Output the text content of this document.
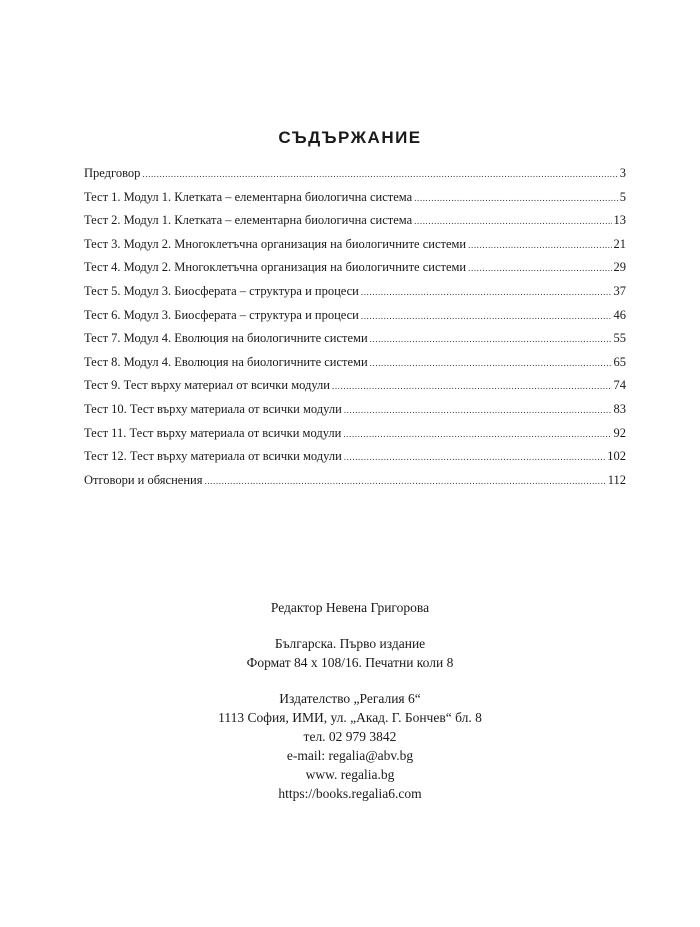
СЪДЪРЖАНИЕ
Предговор .....	3
Тест 1. Модул 1. Клетката – елементарна биологична система .....	5
Тест 2. Модул 1. Клетката – елементарна биологична система .....	13
Тест 3. Модул 2. Многоклетъчна организация на биологичните системи .....	21
Тест 4. Модул 2. Многоклетъчна организация на биологичните системи .....	29
Тест 5. Модул 3. Биосферата – структура и процеси .....	37
Тест 6. Модул 3. Биосферата – структура и процеси .....	46
Тест 7. Модул 4. Еволюция на биологичните системи .....	55
Тест 8. Модул 4. Еволюция на биологичните системи .....	65
Тест 9. Тест върху материал от всички модули .....	74
Тест 10. Тест върху материала от всички модули .....	83
Тест 11. Тест върху материала от всички модули .....	92
Тест 12. Тест върху материала от всички модули .....	102
Отговори и обяснения .....	112
Редактор Невена Григорова
Българска. Първо издание
Формат 84 х 108/16. Печатни коли 8
Издателство „Регалия 6“
1113 София, ИМИ, ул. „Акад. Г. Бончев“ бл. 8
тел. 02 979 3842
e-mail: regalia@abv.bg
www. regalia.bg
https://books.regalia6.com
